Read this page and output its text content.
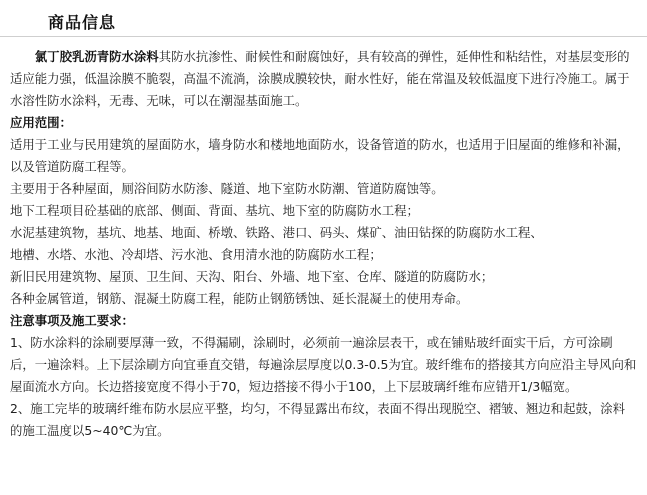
商品信息

氯丁胶乳沥青防水涂料其防水抗渗性、耐候性和耐腐蚀好，具有较高的弹性，延伸性和粘结性，对基层变形的适应能力强，低温涂膜不脆裂，高温不流淌，涂膜成膜较快，耐水性好，能在常温及较低温度下进行冷施工。属于水溶性防水涂料，无毒、无味，可以在潮湿基面施工。

应用范围：

适用于工业与民用建筑的屋面防水，墙身防水和楼地地面防水，设备管道的防水，也适用于旧屋面的维修和补漏，以及管道防腐工程等。

主要用于各种屋面，厕浴间防水防渗、隧道、地下室防水防潮、管道防腐蚀等。

地下工程项目砼基础的底部、侧面、背面、基坑、地下室的防腐防水工程；

水泥基建筑物，基坑、地基、地面、桥墩、铁路、港口、码头、煤矿、油田钻探的防腐防水工程、

地槽、水塔、水池、冷却塔、污水池、食用清水池的防腐防水工程；

新旧民用建筑物、屋顶、卫生间、天沟、阳台、外墙、地下室、仓库、隧道的防腐防水；

各种金属管道，钢筋、混凝土防腐工程，能防止钢筋锈蚀、延长混凝土的使用寿命。

注意事项及施工要求：

1、防水涂料的涂刷要厚薄一致，不得漏刷，涂刷时，必须前一遍涂层表干，或在铺贴玻纤面实干后，方可涂刷后，一遍涂料。上下层涂刷方向宜垂直交错，每遍涂层厚度以0.3-0.5为宜。玻纤维布的搭接其方向应沿主导风向和屋面流水方向。长边搭接宽度不得小于70，短边搭接不得小于100，上下层玻璃纤维布应错开1/3幅宽。

2、施工完毕的玻璃纤维布防水层应平整，均匀，不得显露出布纹，表面不得出现脱空、褶皱、翘边和起鼓，涂料的施工温度以5~40℃为宜。
